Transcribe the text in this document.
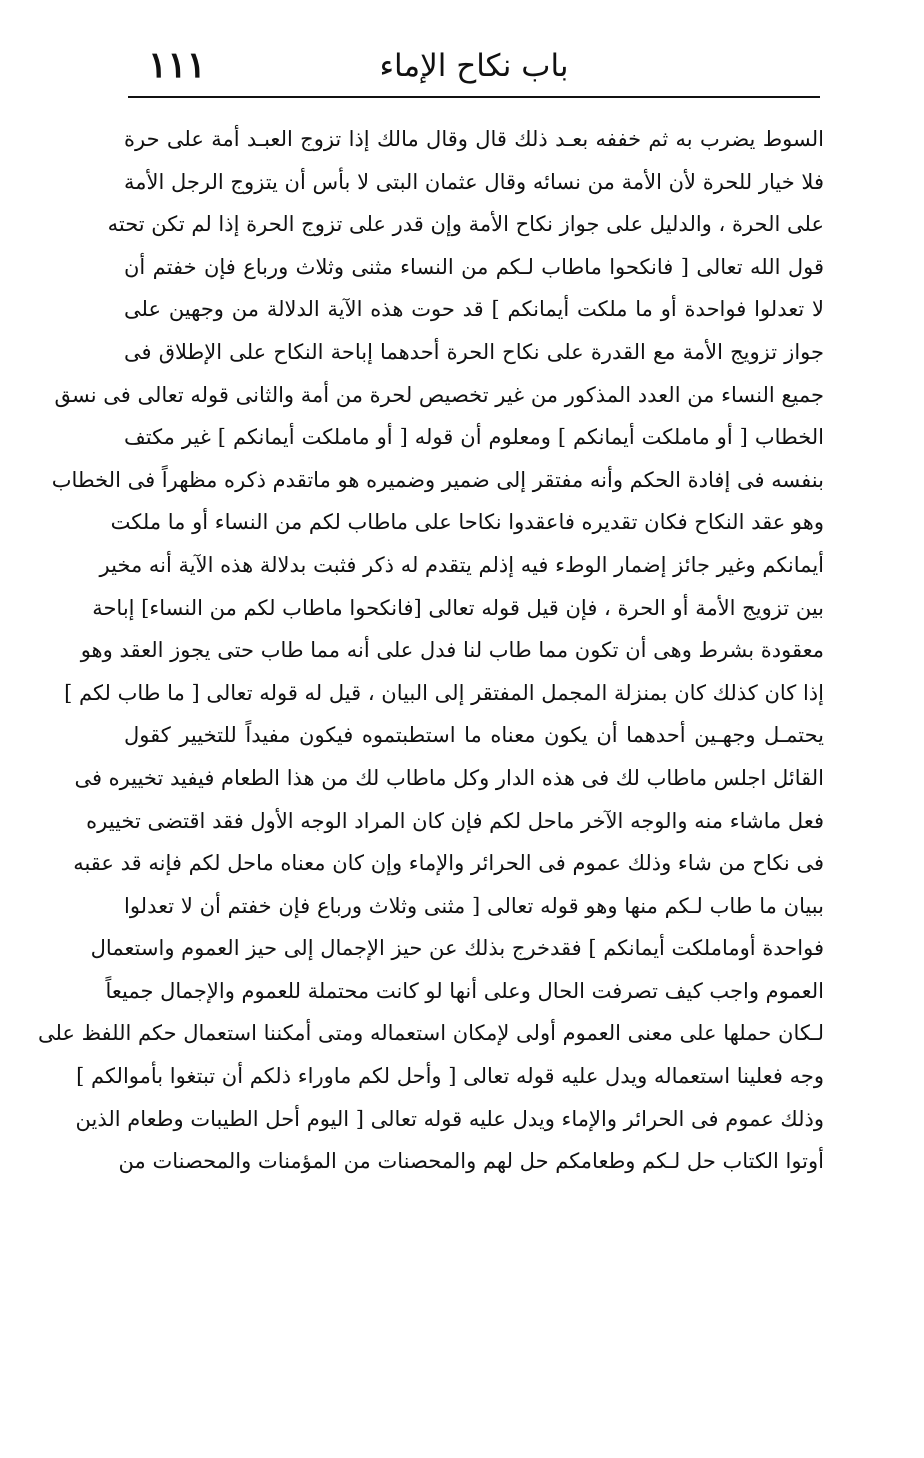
باب نكاح الإماء
١١١
السوط يضرب به ثم خففه بعـد ذلك قال وقال مالك إذا تزوج العبـد أمة على حرة
فلا خيار للحرة لأن الأمة من نسائه وقال عثمان البتى لا بأس أن يتزوج الرجل الأمة
على الحرة ، والدليل على جواز نكاح الأمة وإن قدر على تزوج الحرة إذا لم تكن تحته
قول الله تعالى [ فانكحوا ماطاب لـكم من النساء مثنى وثلاث ورباع فإن خفتم أن
لا تعدلوا فواحدة أو ما ملكت أيمانكم ] قد حوت هذه الآية الدلالة من وجهين على
جواز تزويج الأمة مع القدرة على نكاح الحرة أحدهما إباحة النكاح على الإطلاق فى
جميع النساء من العدد المذكور من غير تخصيص لحرة من أمة والثانى قوله تعالى فى نسق
الخطاب [ أو ماملكت أيمانكم ] ومعلوم أن قوله [ أو ماملكت أيمانكم ] غير مكتف
بنفسه فى إفادة الحكم وأنه مفتقر إلى ضمير وضميره هو ماتقدم ذكره مظهراً فى الخطاب
وهو عقد النكاح فكان تقديره فاعقدوا نكاحا على ماطاب لكم من النساء أو ما ملكت
أيمانكم وغير جائز إضمار الوطء فيه إذلم يتقدم له ذكر فثبت بدلالة هذه الآية أنه مخير
بين تزويج الأمة أو الحرة ، فإن قيل قوله تعالى [فانكحوا ماطاب لكم من النساء] إباحة
معقودة بشرط وهى أن تكون مما طاب لنا فدل على أنه مما طاب حتى يجوز العقد وهو
إذا كان كذلك كان بمنزلة المجمل المفتقر إلى البيان ، قيل له قوله تعالى [ ما طاب لكم ]
يحتمـل وجهـين أحدهما أن يكون معناه ما استطبتموه فيكون مفيداً للتخيير كقول
القائل اجلس ماطاب لك فى هذه الدار وكل ماطاب لك من هذا الطعام فيفيد تخييره فى
فعل ماشاء منه والوجه الآخر ماحل لكم فإن كان المراد الوجه الأول فقد اقتضى تخييره
فى نكاح من شاء وذلك عموم فى الحرائر والإماء وإن كان معناه ماحل لكم فإنه قد عقبه
ببيان ما طاب لـكم منها وهو قوله تعالى [ مثنى وثلاث ورباع فإن خفتم أن لا تعدلوا
فواحدة أوماملكت أيمانكم ] فقدخرج بذلك عن حيز الإجمال إلى حيز العموم واستعمال
العموم واجب كيف تصرفت الحال وعلى أنها لو كانت محتملة للعموم والإجمال جميعاً
لـكان حملها على معنى العموم أولى لإمكان استعماله ومتى أمكننا استعمال حكم اللفظ على
وجه فعلينا استعماله ويدل عليه قوله تعالى [ وأحل لكم ماوراء ذلكم أن تبتغوا بأموالكم ]
وذلك عموم فى الحرائر والإماء ويدل عليه قوله تعالى [ اليوم أحل الطيبات وطعام الذين
أوتوا الكتاب حل لـكم وطعامكم حل لهم والمحصنات من المؤمنات والمحصنات من
